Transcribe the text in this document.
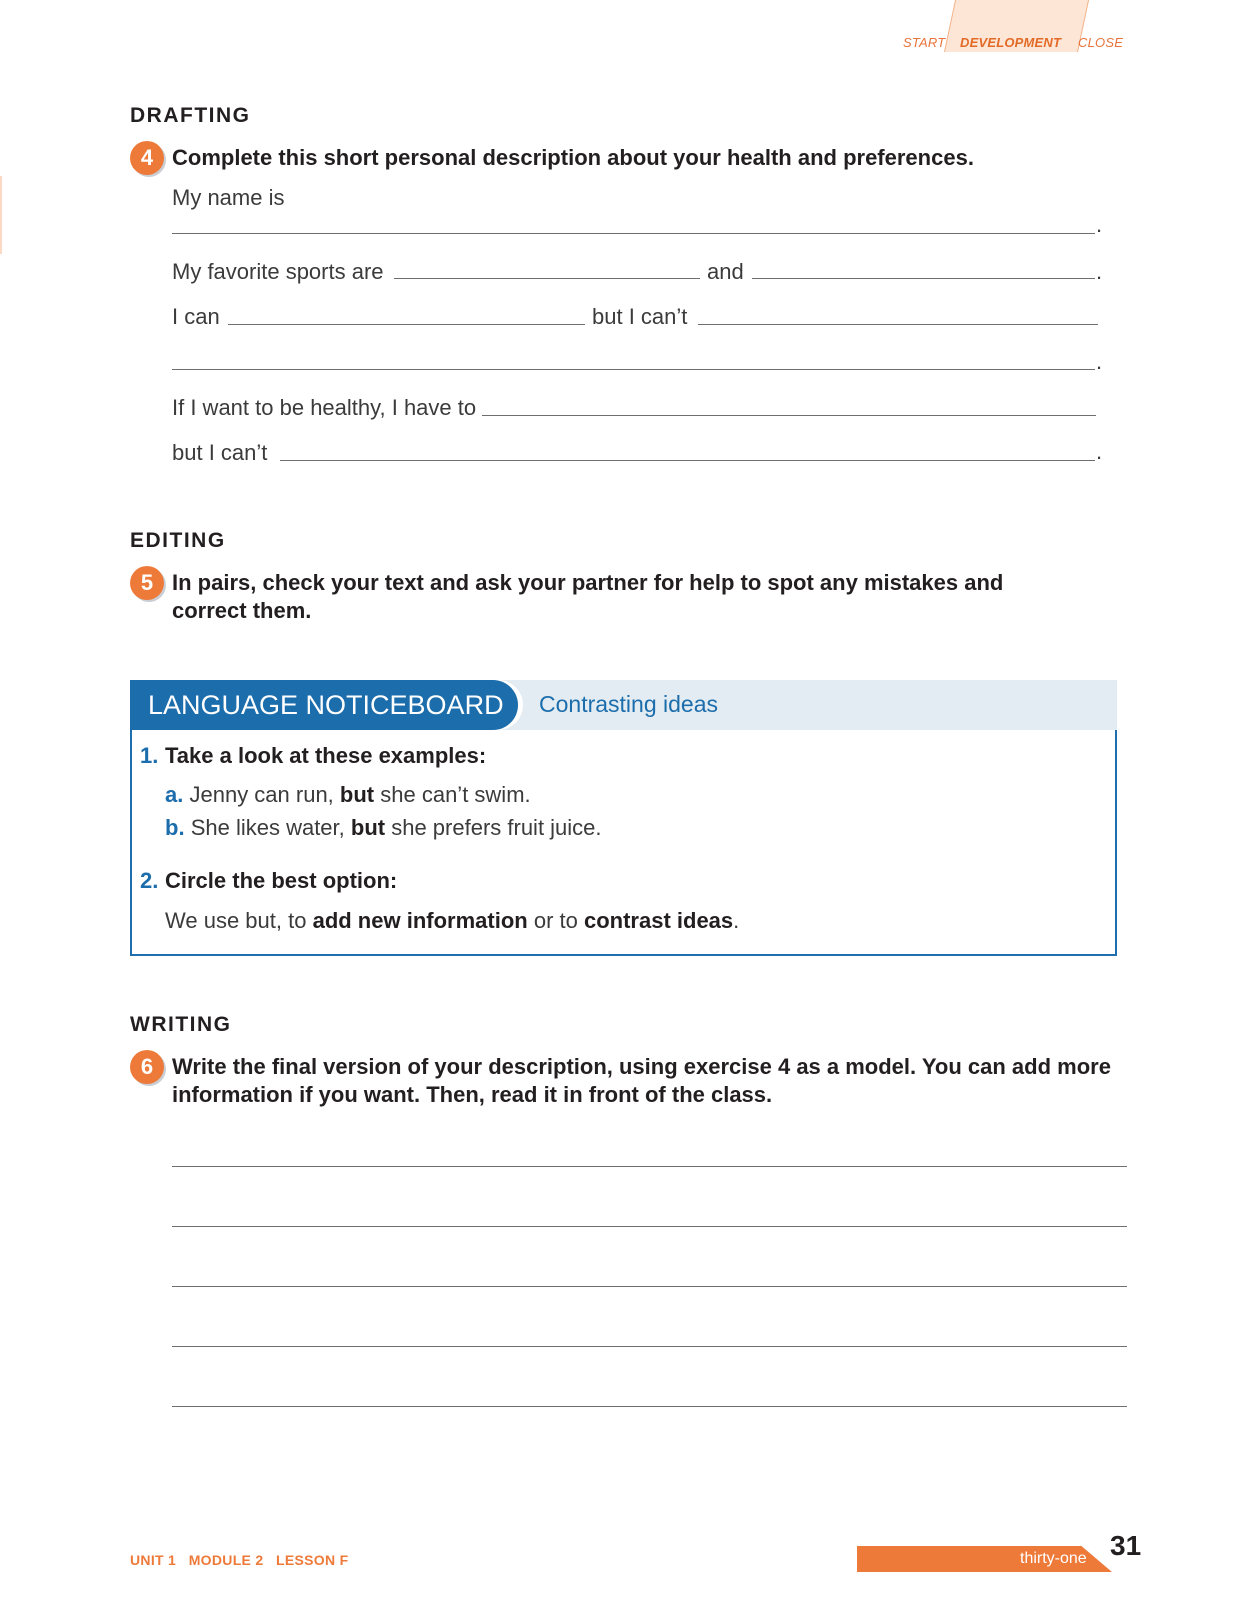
START DEVELOPMENT CLOSE
DRAFTING
4 Complete this short personal description about your health and preferences.
My name is
.
My favorite sports are	and	.
I can	but I can’t
.
If I want to be healthy, I have to
but I can’t	.
EDITING
5 In pairs, check your text and ask your partner for help to spot any mistakes and
correct them.
LANGUAGE NOTICEBOARD Contrasting ideas
1. Take a look at these examples:
a. Jenny can run, but she can’t swim.
b. She likes water, but she prefers fruit juice.
2. Circle the best option:
We use but, to add new information or to contrast ideas.
WRITING
6 Write the final version of your description, using exercise 4 as a model. You can add more
information if you want. Then, read it in front of the class.
UNIT 1 MODULE 2 LESSON F	thirty-one 31
